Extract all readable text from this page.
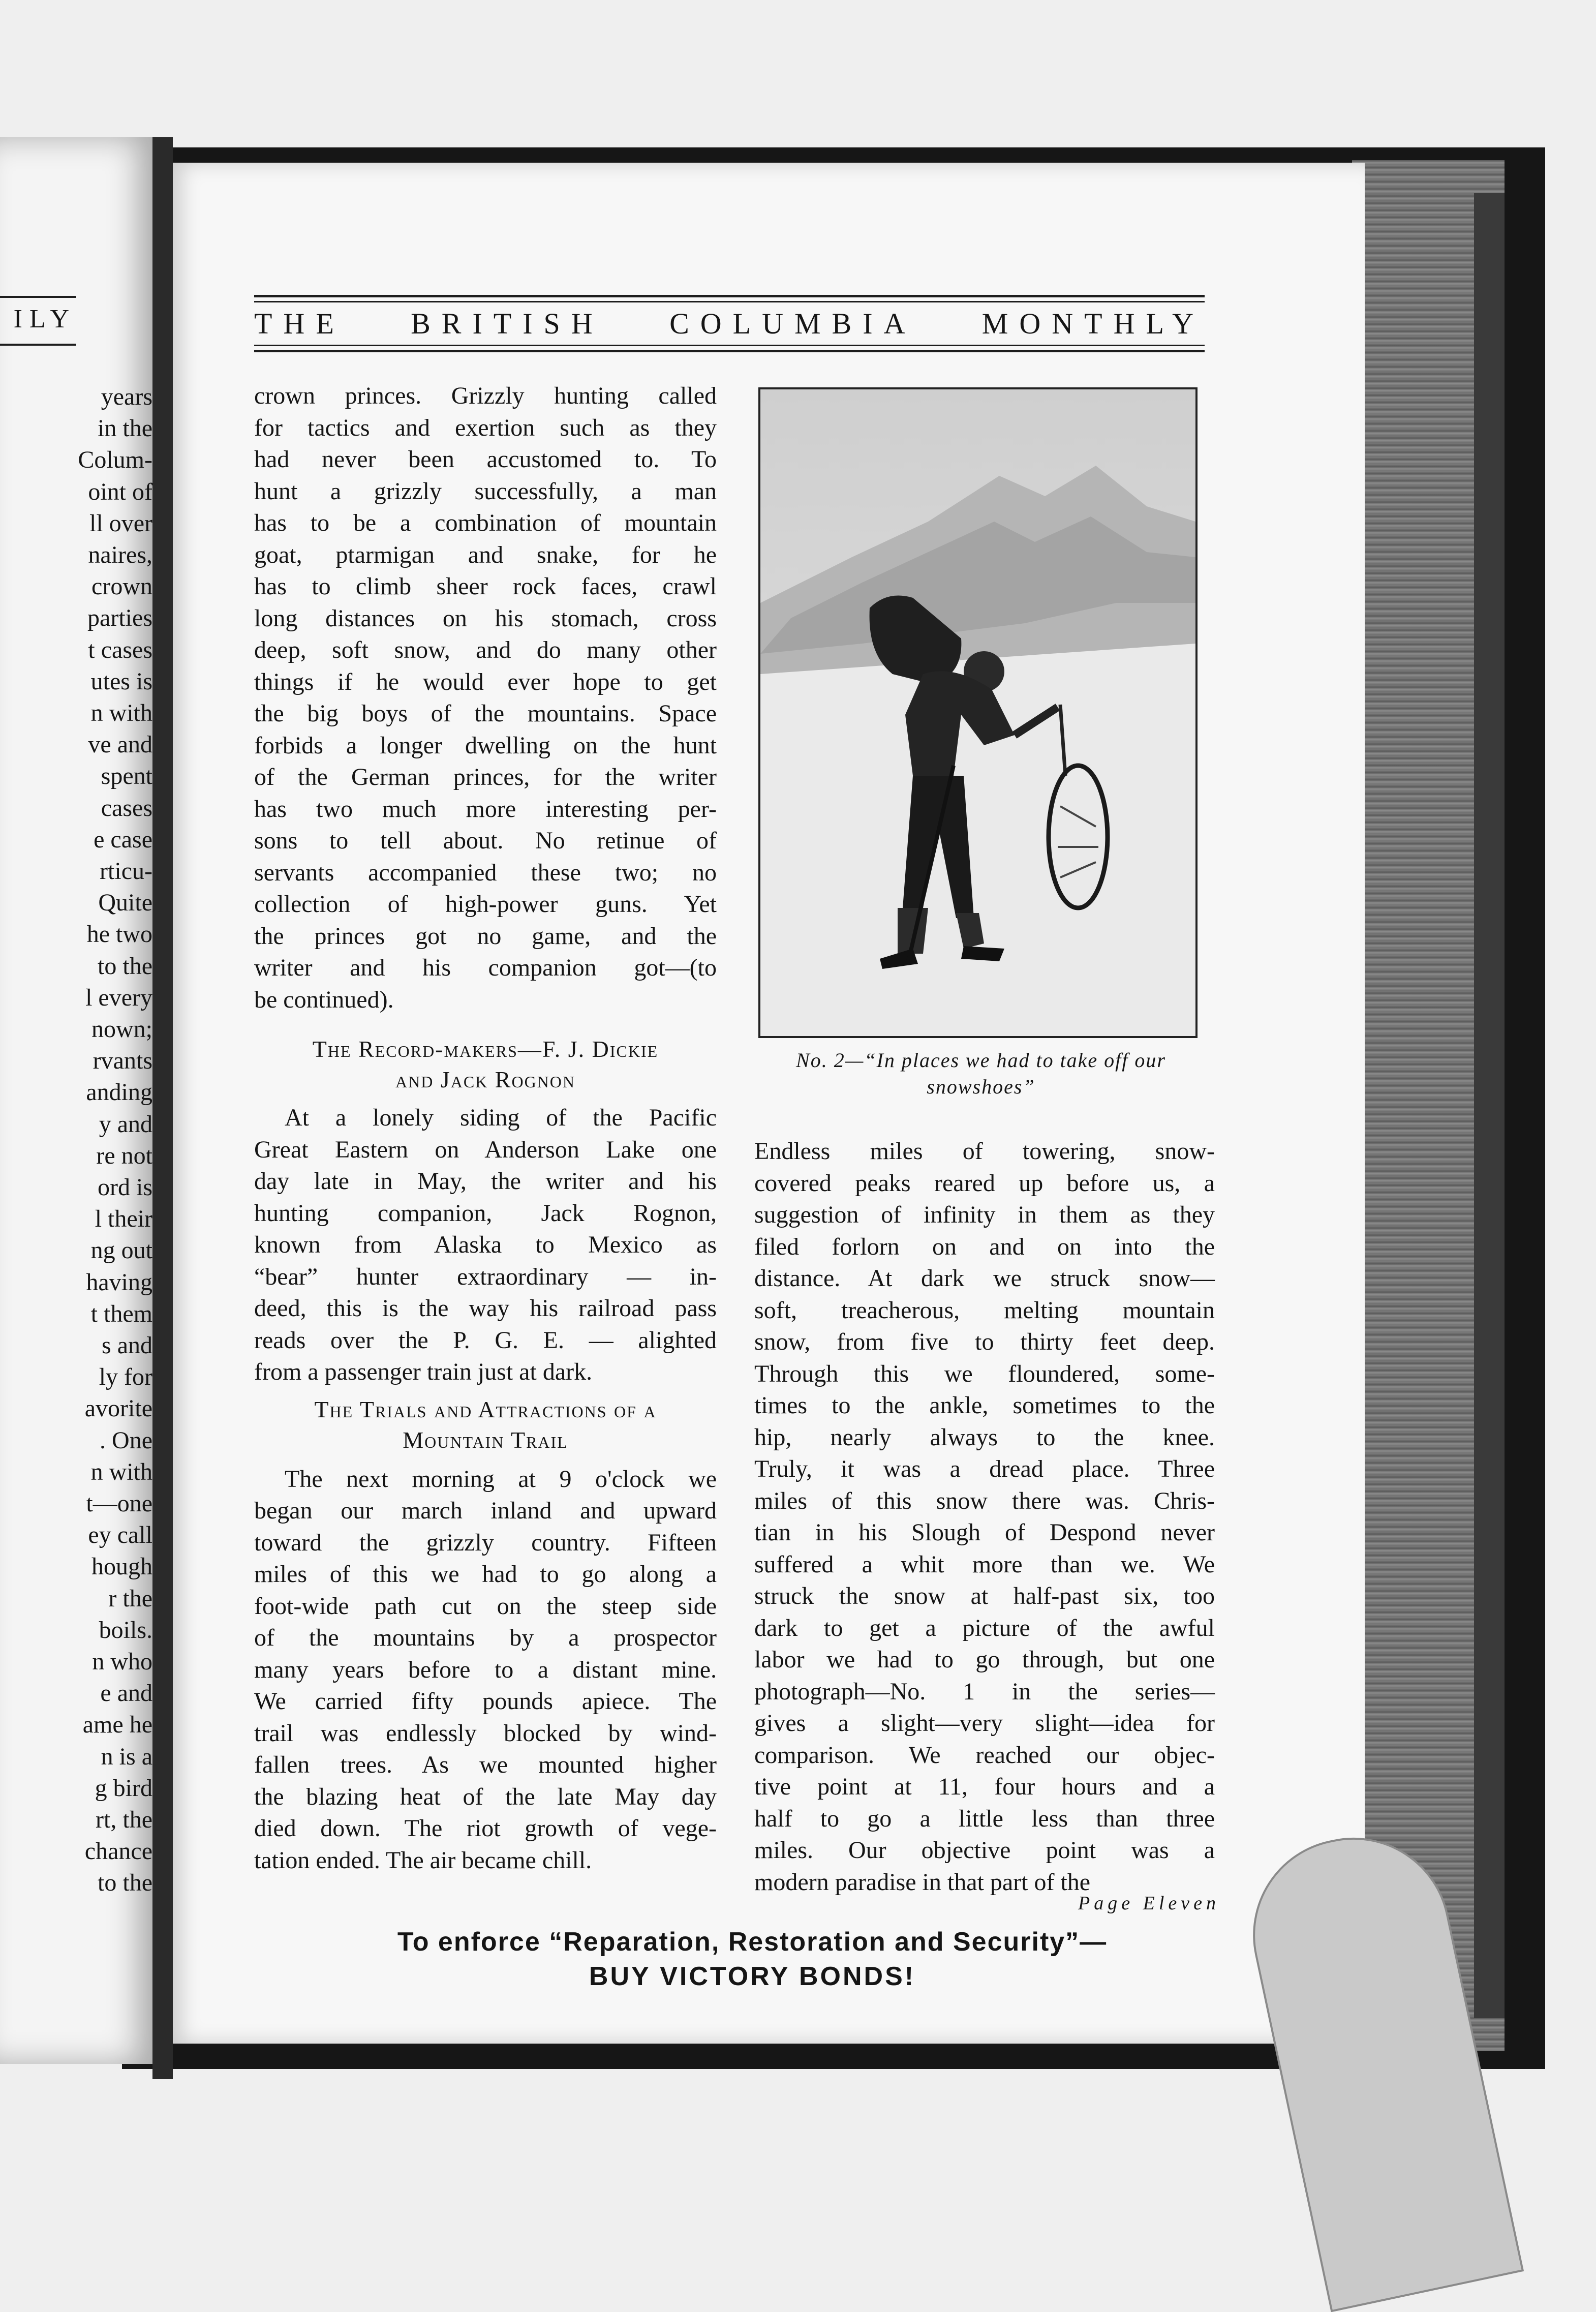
ILY
years
in the
Colum-
oint of
ll over
naires,
crown
parties
t cases
utes is
n with
ve and
spent
cases
e case
rticu-
Quite
he two
to the
l every
nown;
rvants
anding
y and
re not
ord is
l their
ng out
having
t them
s and
ly for
avorite
. One
n with
t—one
ey call
hough
r the
boils.
n who
e and
ame he
n is a
g bird
rt, the
chance
to the
THE BRITISH COLUMBIA MONTHLY

crown princes. Grizzly hunting called

for tactics and exertion such as they

had never been accustomed to. To

hunt a grizzly successfully, a man

has to be a combination of mountain

goat, ptarmigan and snake, for he

has to climb sheer rock faces, crawl

long distances on his stomach, cross

deep, soft snow, and do many other

things if he would ever hope to get

the big boys of the mountains. Space

forbids a longer dwelling on the hunt

of the German princes, for the writer

has two much more interesting per-

sons to tell about. No retinue of

servants accompanied these two; no

collection of high-power guns. Yet

the princes got no game, and the

writer and his companion got—(to

be continued).

The Record-makers—F. J. Dickie
and Jack Rognon

At a lonely siding of the Pacific

Great Eastern on Anderson Lake one

day late in May, the writer and his

hunting companion, Jack Rognon,

known from Alaska to Mexico as

“bear” hunter extraordinary — in-

deed, this is the way his railroad pass

reads over the P. G. E. — alighted

from a passenger train just at dark.

The Trials and Attractions of a
Mountain Trail

The next morning at 9 o'clock we

began our march inland and upward

toward the grizzly country. Fifteen

miles of this we had to go along a

foot-wide path cut on the steep side

of the mountains by a prospector

many years before to a distant mine.

We carried fifty pounds apiece. The

trail was endlessly blocked by wind-

fallen trees. As we mounted higher

the blazing heat of the late May day

died down. The riot growth of vege-

tation ended. The air became chill.

No. 2—“In places we had to take off our
snowshoes”

Endless miles of towering, snow-

covered peaks reared up before us, a

suggestion of infinity in them as they

filed forlorn on and on into the

distance. At dark we struck snow—

soft, treacherous, melting mountain

snow, from five to thirty feet deep.

Through this we floundered, some-

times to the ankle, sometimes to the

hip, nearly always to the knee.

Truly, it was a dread place. Three

miles of this snow there was. Chris-

tian in his Slough of Despond never

suffered a whit more than we. We

struck the snow at half-past six, too

dark to get a picture of the awful

labor we had to go through, but one

photograph—No. 1 in the series—

gives a slight—very slight—idea for

comparison. We reached our objec-

tive point at 11, four hours and a

half to go a little less than three

miles. Our objective point was a

modern paradise in that part of the

Page Eleven
To enforce “Reparation, Restoration and Security”—
BUY VICTORY BONDS!
